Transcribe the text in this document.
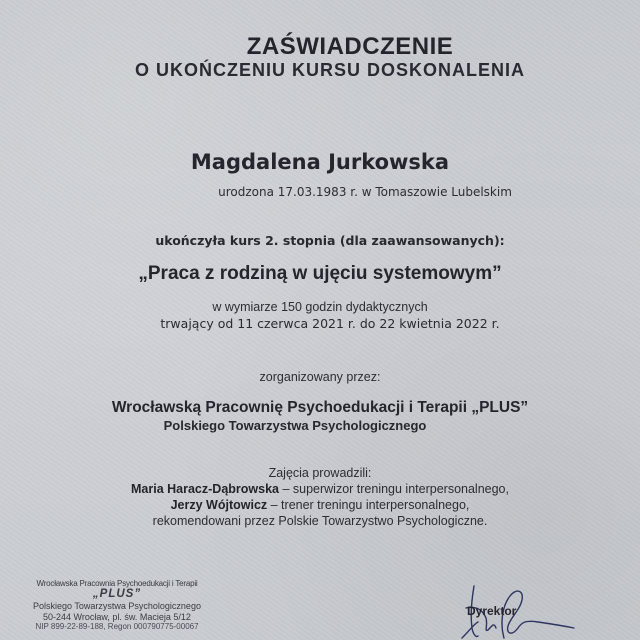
ZAŚWIADCZENIE
O UKOŃCZENIU KURSU DOSKONALENIA
Magdalena Jurkowska
urodzona 17.03.1983 r. w Tomaszowie Lubelskim
ukończyła kurs 2. stopnia (dla zaawansowanych):
„Praca z rodziną w ujęciu systemowym”
w wymiarze 150 godzin dydaktycznych
trwający od 11 czerwca 2021 r. do 22 kwietnia 2022 r.
zorganizowany przez:
Wrocławską Pracownię Psychoedukacji i Terapii „PLUS”
Polskiego Towarzystwa Psychologicznego
Zajęcia prowadzili:
Maria Haracz-Dąbrowska – superwizor treningu interpersonalnego,
Jerzy Wójtowicz – trener treningu interpersonalnego,
rekomendowani przez Polskie Towarzystwo Psychologiczne.
Wrocławska Pracownia Psychoedukacji i Terapii
„PLUS”
Polskiego Towarzystwa Psychologicznego
50-244 Wrocław, pl. św. Macieja 5/12
NIP 899-22-89-188, Regon 000790775-00067
Dyrektor
